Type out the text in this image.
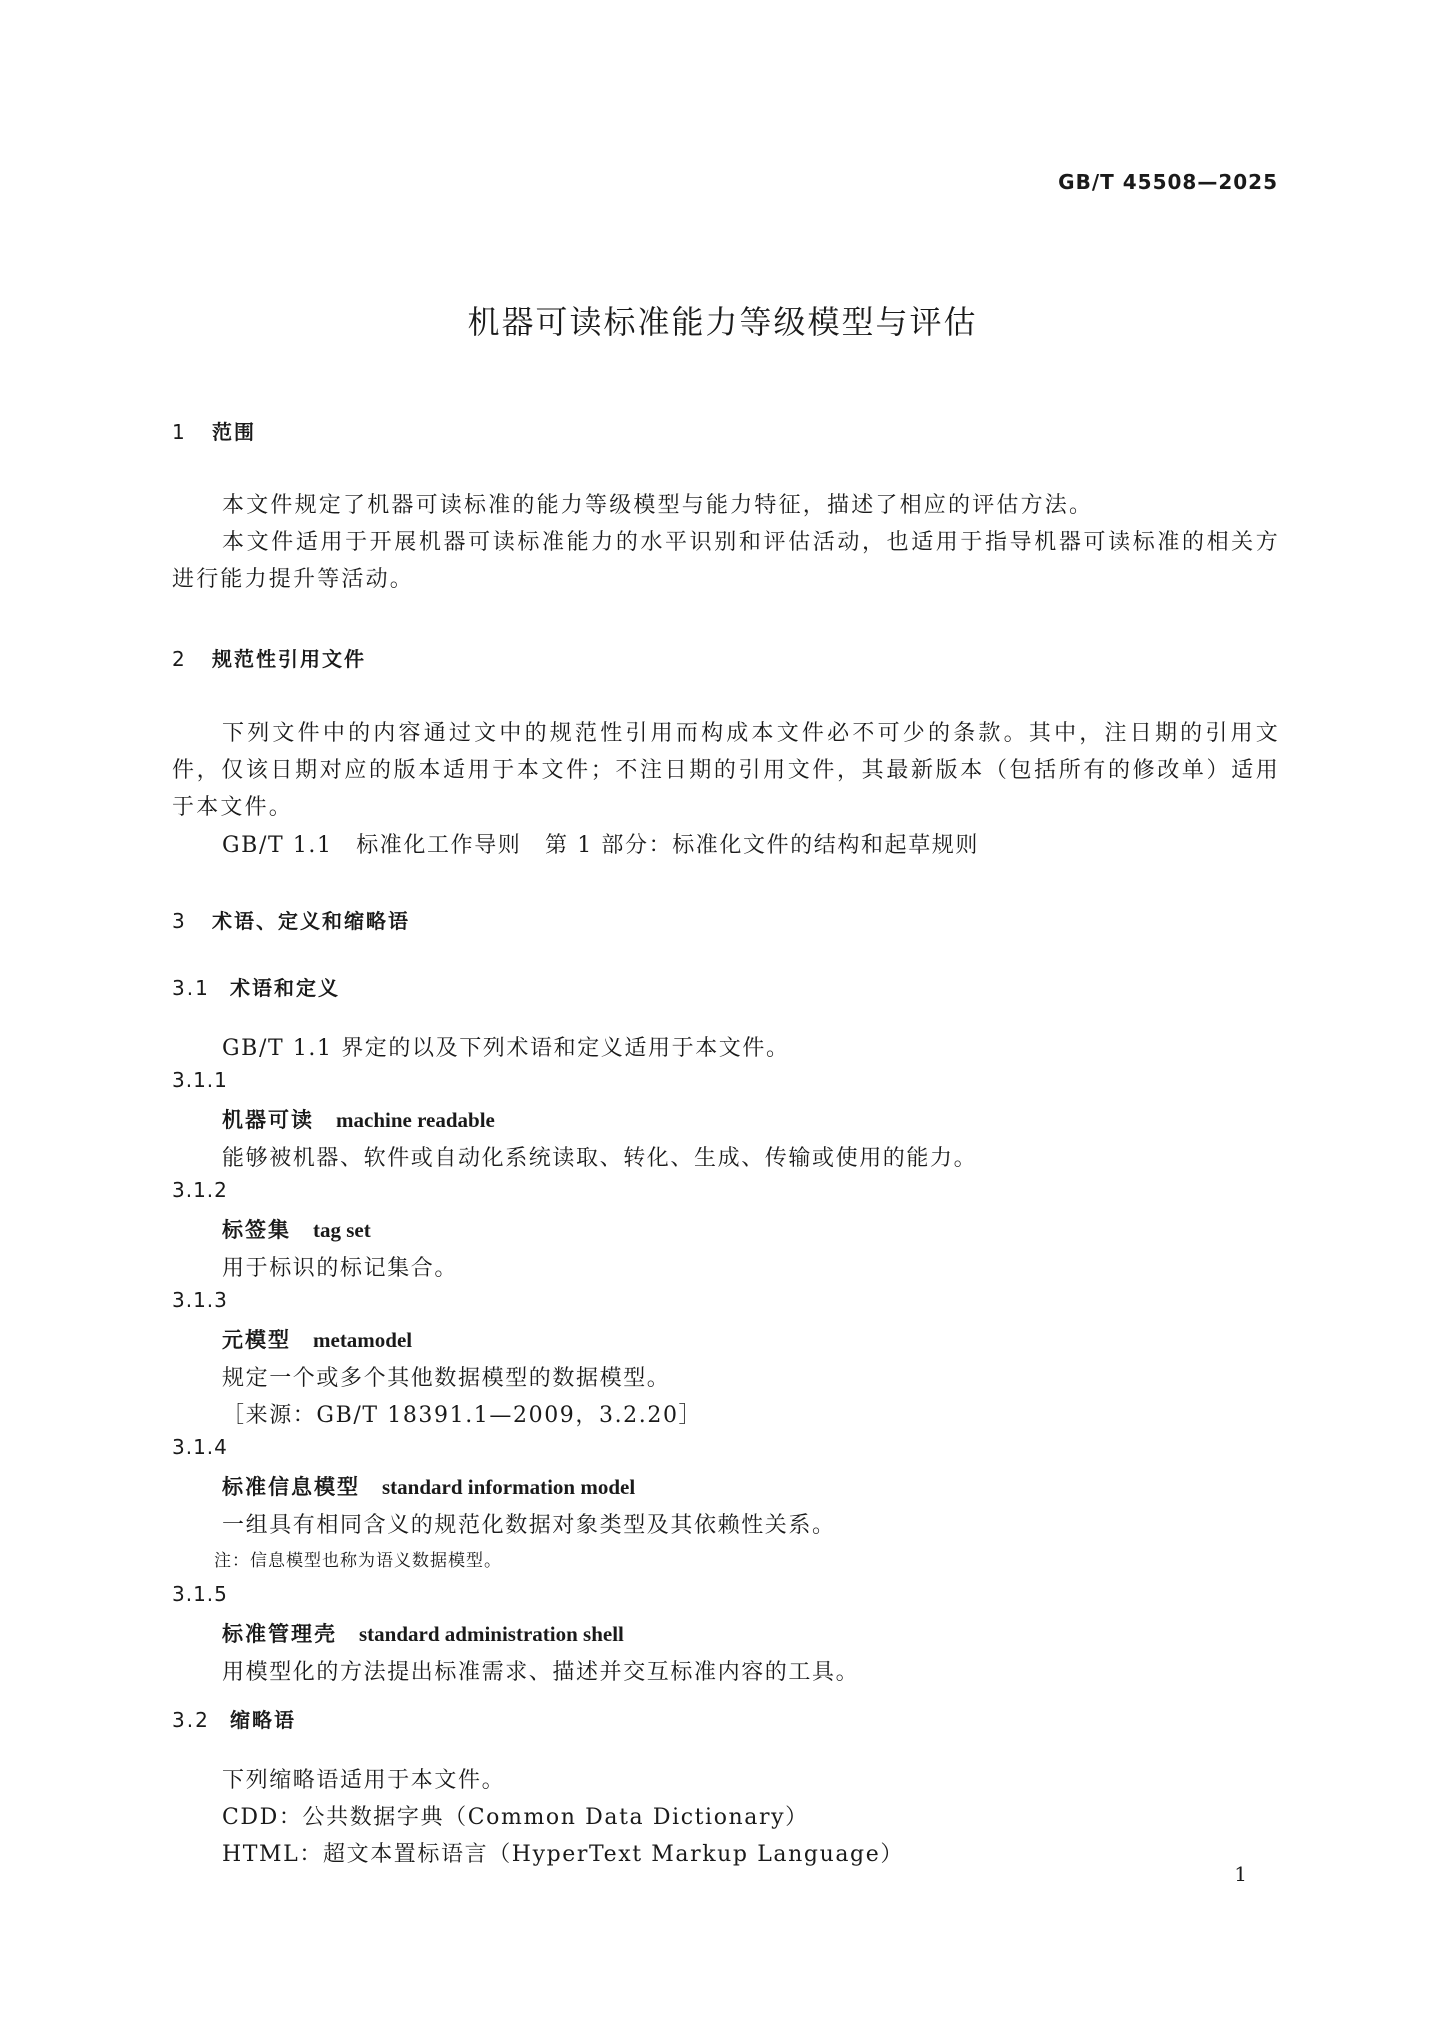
GB/T 45508—2025
机器可读标准能力等级模型与评估
1 范围
本文件规定了机器可读标准的能力等级模型与能力特征，描述了相应的评估方法。
本文件适用于开展机器可读标准能力的水平识别和评估活动，也适用于指导机器可读标准的相关方进行能力提升等活动。
2 规范性引用文件
下列文件中的内容通过文中的规范性引用而构成本文件必不可少的条款。其中，注日期的引用文件，仅该日期对应的版本适用于本文件；不注日期的引用文件，其最新版本（包括所有的修改单）适用于本文件。
GB/T 1.1　标准化工作导则　第 1 部分：标准化文件的结构和起草规则
3 术语、定义和缩略语
3.1 术语和定义
GB/T 1.1 界定的以及下列术语和定义适用于本文件。
3.1.1
机器可读 machine readable
能够被机器、软件或自动化系统读取、转化、生成、传输或使用的能力。
3.1.2
标签集 tag set
用于标识的标记集合。
3.1.3
元模型 metamodel
规定一个或多个其他数据模型的数据模型。
［来源：GB/T 18391.1—2009，3.2.20］
3.1.4
标准信息模型 standard information model
一组具有相同含义的规范化数据对象类型及其依赖性关系。
注：信息模型也称为语义数据模型。
3.1.5
标准管理壳 standard administration shell
用模型化的方法提出标准需求、描述并交互标准内容的工具。
3.2 缩略语
下列缩略语适用于本文件。
CDD：公共数据字典（Common Data Dictionary）
HTML：超文本置标语言（HyperText Markup Language）
1
